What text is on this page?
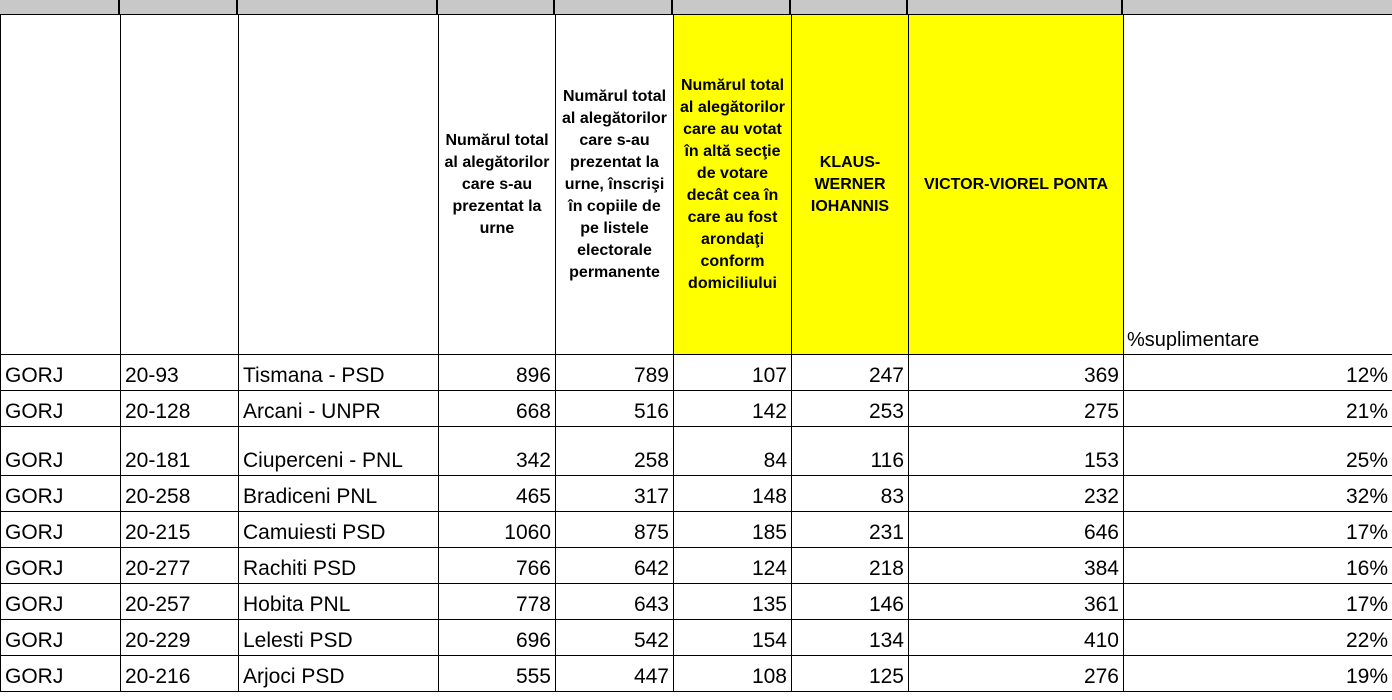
			Numărul total al alegătorilor care s-au prezentat la urne	Numărul total al alegătorilor care s-au prezentat la urne, înscrişi în copiile de pe listele electorale permanente	Numărul total al alegătorilor care au votat în altă secţie de votare decât cea în care au fost arondaţi conform domiciliului	KLAUS-WERNER IOHANNIS	VICTOR-VIOREL PONTA	%suplimentare
GORJ	20-93	Tismana - PSD	896	789	107	247	369	12%
GORJ	20-128	Arcani - UNPR	668	516	142	253	275	21%
GORJ	20-181	Ciuperceni - PNL	342	258	84	116	153	25%
GORJ	20-258	Bradiceni PNL	465	317	148	83	232	32%
GORJ	20-215	Camuiesti PSD	1060	875	185	231	646	17%
GORJ	20-277	Rachiti PSD	766	642	124	218	384	16%
GORJ	20-257	Hobita PNL	778	643	135	146	361	17%
GORJ	20-229	Lelesti PSD	696	542	154	134	410	22%
GORJ	20-216	Arjoci PSD	555	447	108	125	276	19%
